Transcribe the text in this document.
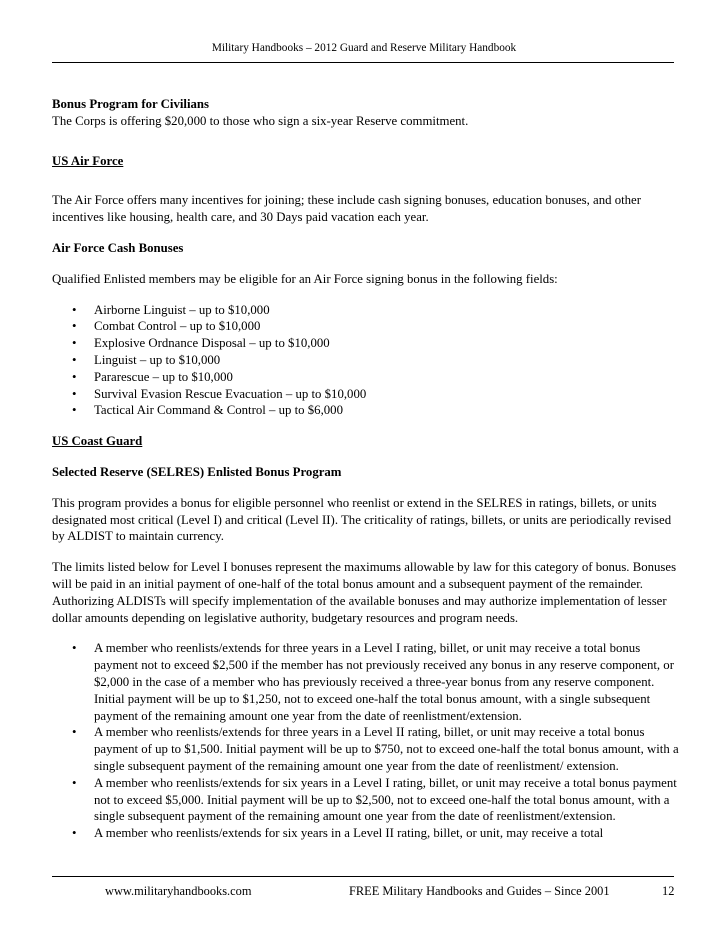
Military Handbooks – 2012 Guard and Reserve Military Handbook

Bonus Program for Civilians

The Corps is offering $20,000 to those who sign a six-year Reserve commitment.

US Air Force

The Air Force offers many incentives for joining; these include cash signing bonuses, education bonuses, and other incentives like housing, health care, and 30 Days paid vacation each year.

Air Force Cash Bonuses

Qualified Enlisted members may be eligible for an Air Force signing bonus in the following fields:

• Airborne Linguist – up to $10,000
• Combat Control – up to $10,000
• Explosive Ordnance Disposal – up to $10,000
• Linguist – up to $10,000
• Pararescue – up to $10,000
• Survival Evasion Rescue Evacuation – up to $10,000
• Tactical Air Command & Control – up to $6,000

US Coast Guard

Selected Reserve (SELRES) Enlisted Bonus Program

This program provides a bonus for eligible personnel who reenlist or extend in the SELRES in ratings, billets, or units designated most critical (Level I) and critical (Level II). The criticality of ratings, billets, or units are periodically revised by ALDIST to maintain currency.

The limits listed below for Level I bonuses represent the maximums allowable by law for this category of bonus. Bonuses will be paid in an initial payment of one-half of the total bonus amount and a subsequent payment of the remainder. Authorizing ALDISTs will specify implementation of the available bonuses and may authorize implementation of lesser dollar amounts depending on legislative authority, budgetary resources and program needs.

• A member who reenlists/extends for three years in a Level I rating, billet, or unit may receive a total bonus payment not to exceed $2,500 if the member has not previously received any bonus in any reserve component, or $2,000 in the case of a member who has previously received a three-year bonus from any reserve component. Initial payment will be up to $1,250, not to exceed one-half the total bonus amount, with a single subsequent payment of the remaining amount one year from the date of reenlistment/extension.
• A member who reenlists/extends for three years in a Level II rating, billet, or unit may receive a total bonus payment of up to $1,500. Initial payment will be up to $750, not to exceed one-half the total bonus amount, with a single subsequent payment of the remaining amount one year from the date of reenlistment/ extension.
• A member who reenlists/extends for six years in a Level I rating, billet, or unit may receive a total bonus payment not to exceed $5,000. Initial payment will be up to $2,500, not to exceed one-half the total bonus amount, with a single subsequent payment of the remaining amount one year from the date of reenlistment/extension.
• A member who reenlists/extends for six years in a Level II rating, billet, or unit, may receive a total
www.militaryhandbooks.com	FREE Military Handbooks and Guides – Since 2001	12
